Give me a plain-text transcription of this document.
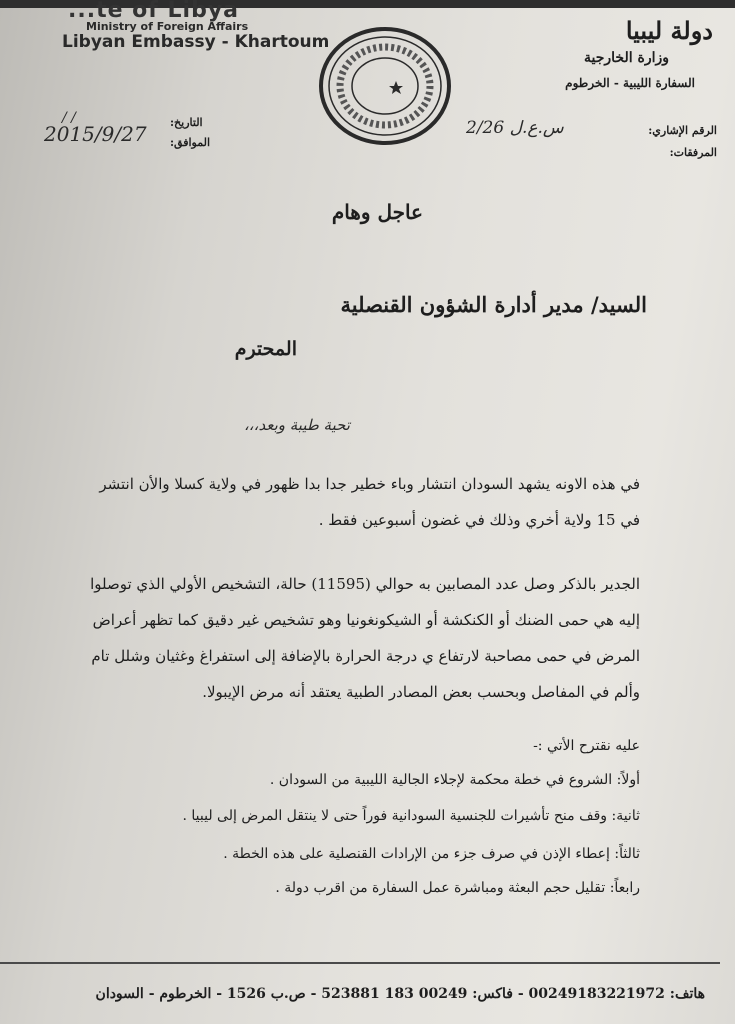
...te of Libya
Ministry of Foreign Affairs
Libyan Embassy - Khartoum	دولة ليبيا
وزارة الخارجية
السفارة الليبية - الخرطوم
التاريخ:
الموافق:
/ /
2015/9/27	الرقم الإشاري:
المرفقات:
س.ع.ل 2/26
عاجل وهام
السيد/ مدير أدارة الشؤون القنصلية
المحترم
تحية طيبة وبعد،،،
في هذه الاونه يشهد السودان انتشار وباء خطير جدا بدا ظهور في ولاية كسلا والأن انتشر في 15 ولاية أخري وذلك في غضون أسبوعين فقط .
الجدير بالذكر وصل عدد المصابين به حوالي (11595) حالة، التشخيص الأولي الذي توصلوا إليه هي حمى الضنك أو الكنكشة أو الشيكونغونيا وهو تشخيص غير دقيق كما تظهر أعراض المرض في حمى مصاحبة لارتفاع ي درجة الحرارة بالإضافة إلى استفراغ وغثيان وشلل تام وألم في المفاصل وبحسب بعض المصادر الطبية يعتقد أنه مرض الإيبولا.
عليه نقترح الأتي :-
أولاً: الشروع في خطة محكمة لإجلاء الجالية الليبية من السودان .
ثانية: وقف منح تأشيرات للجنسية السودانية فوراً حتى لا ينتقل المرض إلى ليبيا .
ثالثاً: إعطاء الإذن في صرف جزء من الإرادات القنصلية على هذه الخطة .
رابعاً: تقليل حجم البعثة ومباشرة عمل السفارة من اقرب دولة .
هاتف: 00249183221972 - فاكس: 00249 183 523881 - ص.ب 1526 - الخرطوم - السودان
